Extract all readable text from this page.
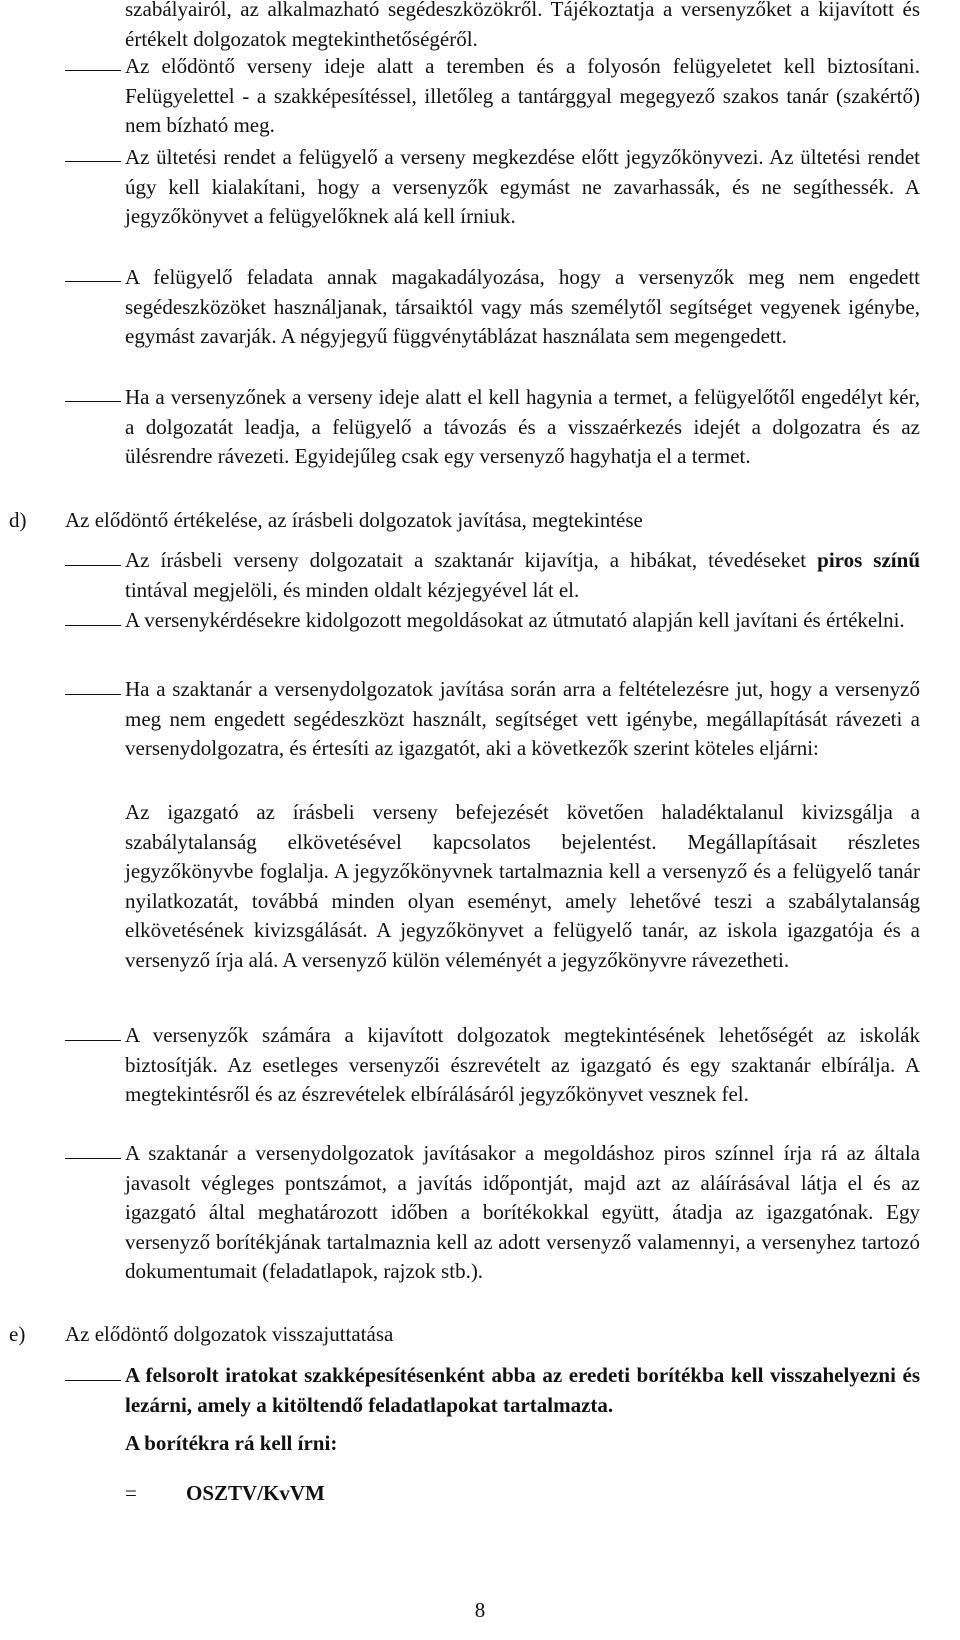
szabályairól, az alkalmazható segédeszközökről. Tájékoztatja a versenyzőket a kijavított és értékelt dolgozatok megtekinthetőségéről.

Az elődöntő verseny ideje alatt a teremben és a folyosón felügyeletet kell biztosítani. Felügyelettel - a szakképesítéssel, illetőleg a tantárggyal megegyező szakos tanár (szakértő) nem bízható meg.

Az ültetési rendet a felügyelő a verseny megkezdése előtt jegyzőkönyvezi. Az ültetési rendet úgy kell kialakítani, hogy a versenyzők egymást ne zavarhassák, és ne segíthessék. A jegyzőkönyvet a felügyelőknek alá kell írniuk.

A felügyelő feladata annak magakadályozása, hogy a versenyzők meg nem engedett segédeszközöket használjanak, társaiktól vagy más személytől segítséget vegyenek igénybe, egymást zavarják. A négyjegyű függvénytáblázat használata sem megengedett.

Ha a versenyzőnek a verseny ideje alatt el kell hagynia a termet, a felügyelőtől engedélyt kér, a dolgozatát leadja, a felügyelő a távozás és a visszaérkezés idejét a dolgozatra és az ülésrendre rávezeti. Egyidejűleg csak egy versenyző hagyhatja el a termet.

d) Az elődöntő értékelése, az írásbeli dolgozatok javítása, megtekintése

Az írásbeli verseny dolgozatait a szaktanár kijavítja, a hibákat, tévedéseket piros színű tintával megjelöli, és minden oldalt kézjegyével lát el.

A versenykérdésekre kidolgozott megoldásokat az útmutató alapján kell javítani és értékelni.

Ha a szaktanár a versenydolgozatok javítása során arra a feltételezésre jut, hogy a versenyző meg nem engedett segédeszközt használt, segítséget vett igénybe, megállapítását rávezeti a versenydolgozatra, és értesíti az igazgatót, aki a következők szerint köteles eljárni:

Az igazgató az írásbeli verseny befejezését követően haladéktalanul kivizsgálja a szabálytalanság elkövetésével kapcsolatos bejelentést. Megállapításait részletes jegyzőkönyvbe foglalja. A jegyzőkönyvnek tartalmaznia kell a versenyző és a felügyelő tanár nyilatkozatát, továbbá minden olyan eseményt, amely lehetővé teszi a szabálytalanság elkövetésének kivizsgálását. A jegyzőkönyvet a felügyelő tanár, az iskola igazgatója és a versenyző írja alá. A versenyző külön véleményét a jegyzőkönyvre rávezetheti.

A versenyzők számára a kijavított dolgozatok megtekintésének lehetőségét az iskolák biztosítják. Az esetleges versenyzői észrevételt az igazgató és egy szaktanár elbírálja. A megtekintésről és az észrevételek elbírálásáról jegyzőkönyvet vesznek fel.

A szaktanár a versenydolgozatok javításakor a megoldáshoz piros színnel írja rá az általa javasolt végleges pontszámot, a javítás időpontját, majd azt az aláírásával látja el és az igazgató által meghatározott időben a borítékokkal együtt, átadja az igazgatónak. Egy versenyző borítékjának tartalmaznia kell az adott versenyző valamennyi, a versenyhez tartozó dokumentumait (feladatlapok, rajzok stb.).

e) Az elődöntő dolgozatok visszajuttatása

A felsorolt iratokat szakképesítésenként abba az eredeti borítékba kell visszahelyezni és lezárni, amely a kitöltendő feladatlapokat tartalmazta.

A borítékra rá kell írni:

= OSZTV/KvVM
8
